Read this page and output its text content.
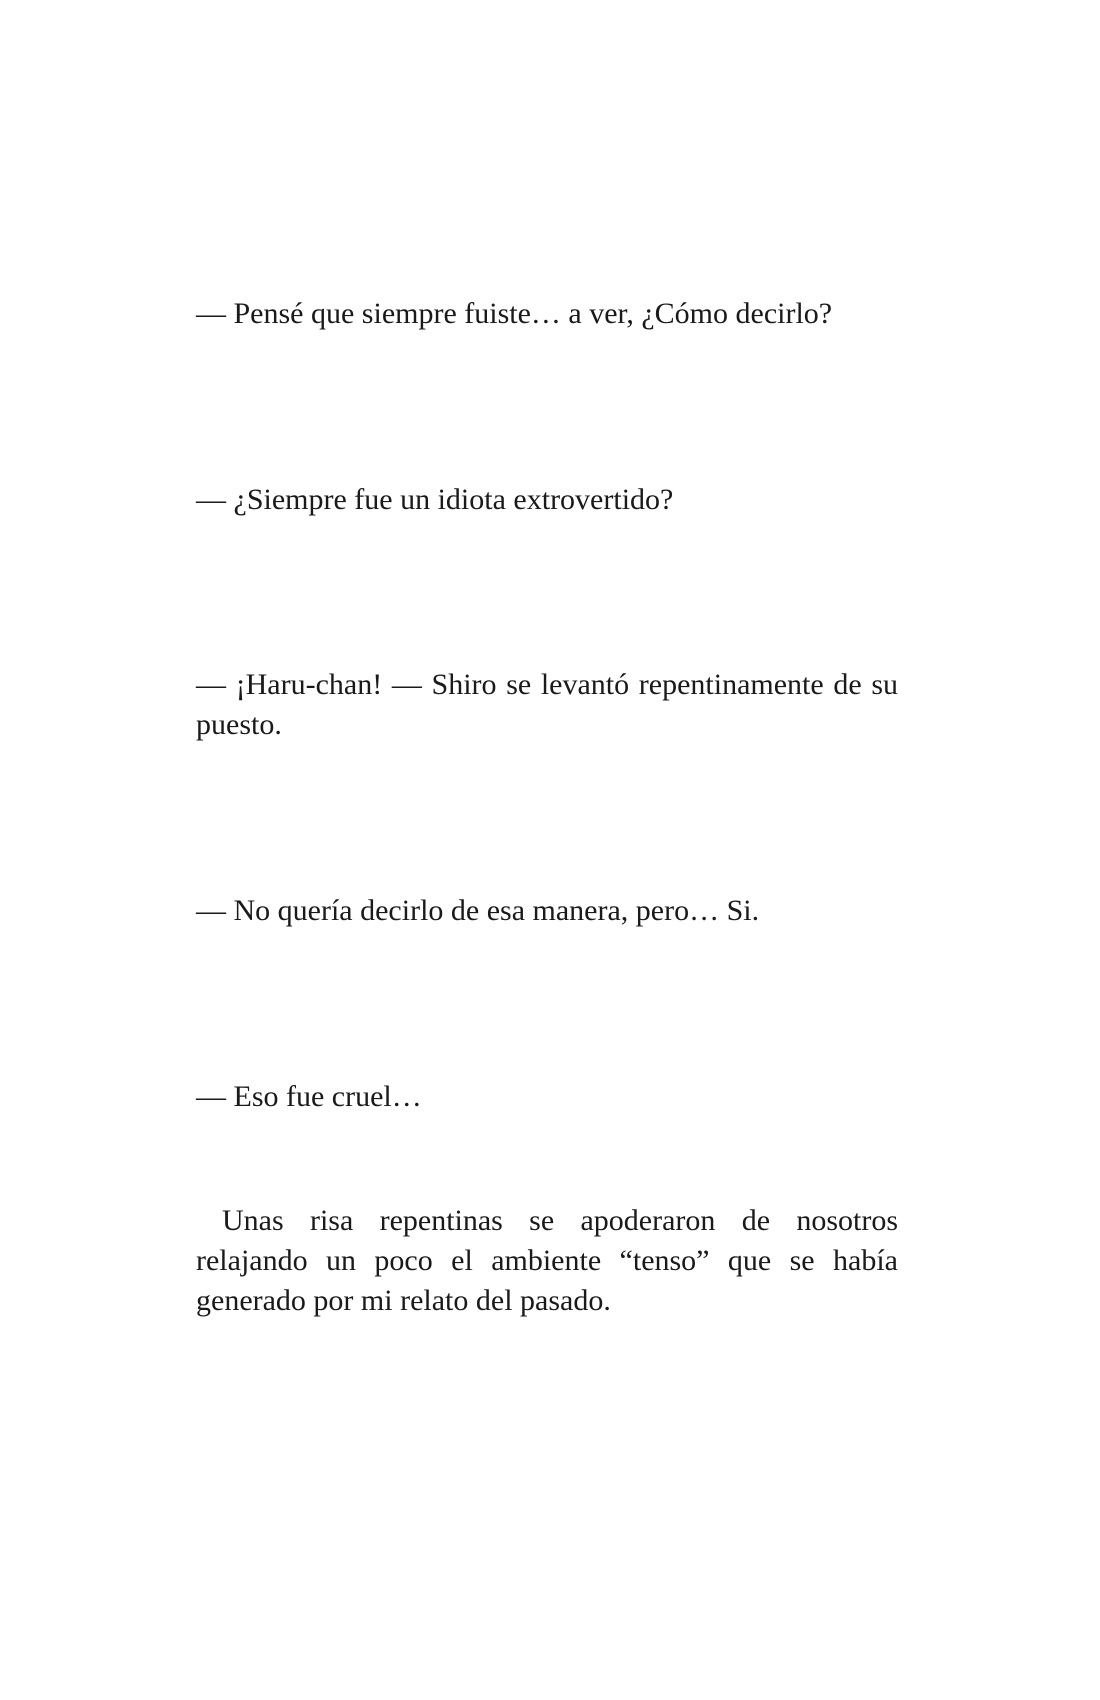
— Pensé que siempre fuiste… a ver, ¿Cómo decirlo?

— ¿Siempre fue un idiota extrovertido?

— ¡Haru-chan! — Shiro se levantó repentinamente de su puesto.

— No quería decirlo de esa manera, pero… Si.

— Eso fue cruel…

Unas risa repentinas se apoderaron de nosotros relajando un poco el ambiente “tenso” que se había generado por mi relato del pasado.
